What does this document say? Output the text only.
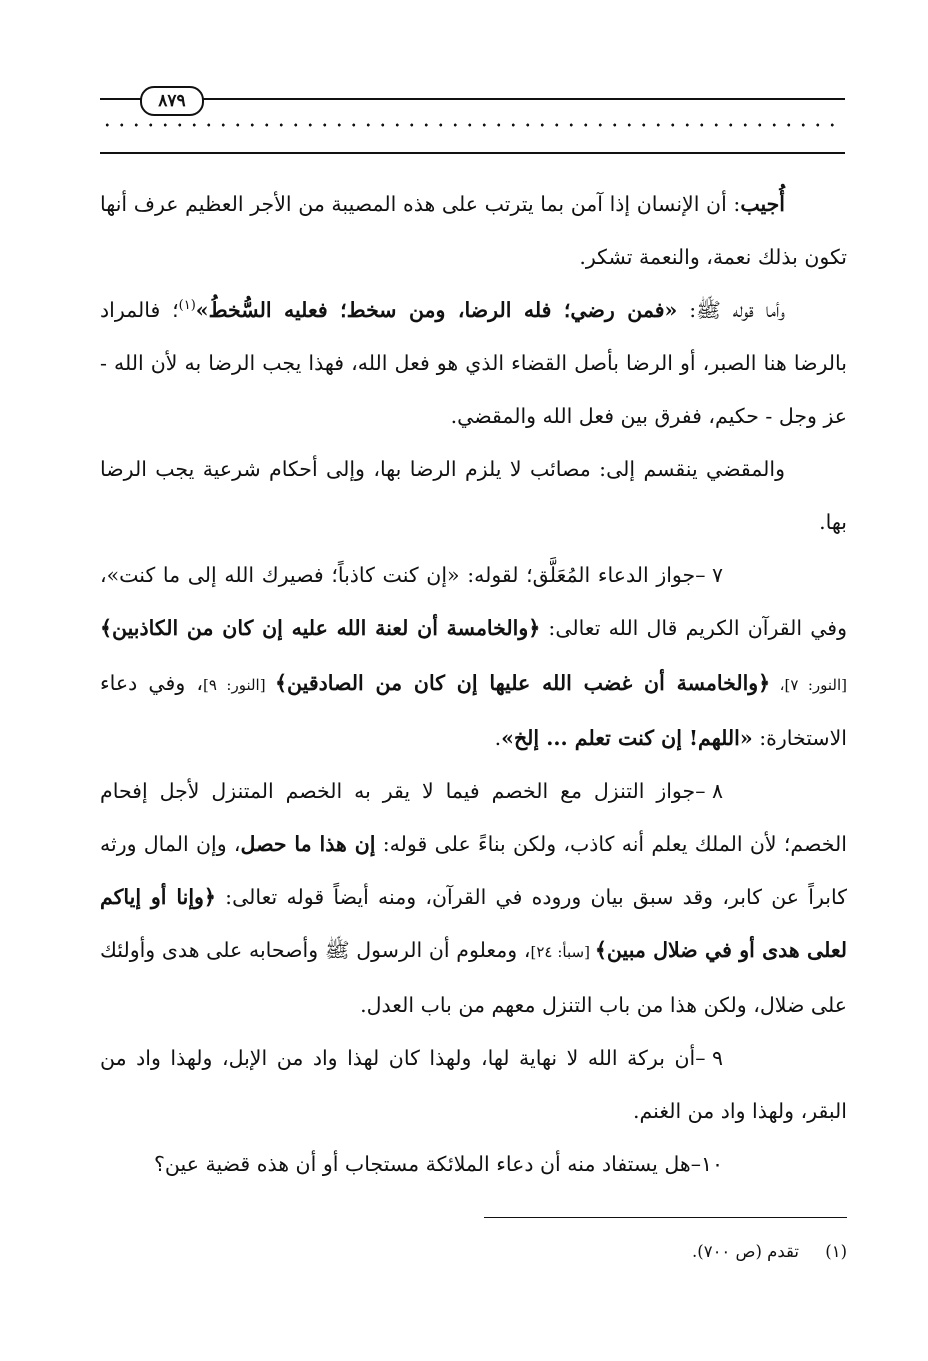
٨٧٩

أُجيب: أن الإنسان إذا آمن بما يترتب على هذه المصيبة من الأجر العظيم عرف أنها تكون بذلك نعمة، والنعمة تشكر.

وأما قوله ﷺ: «فمن رضي؛ فله الرضا، ومن سخط؛ فعليه السُّخطُ»$^{(١)}$؛ فالمراد بالرضا هنا الصبر، أو الرضا بأصل القضاء الذي هو فعل الله، فهذا يجب الرضا به لأن الله - عز وجل - حكيم، ففرق بين فعل الله والمقضي.

والمقضي ينقسم إلى: مصائب لا يلزم الرضا بها، وإلى أحكام شرعية يجب الرضا بها.

٧ –جواز الدعاء المُعَلَّق؛ لقوله: «إن كنت كاذباً؛ فصيرك الله إلى ما كنت»، وفي القرآن الكريم قال الله تعالى: ﴿والخامسة أن لعنة الله عليه إن كان من الكاذبين﴾ [النور: ٧]، ﴿والخامسة أن غضب الله عليها إن كان من الصادقين﴾ [النور: ٩]، وفي دعاء الاستخارة: «اللهم! إن كنت تعلم ... إلخ».

٨ –جواز التنزل مع الخصم فيما لا يقر به الخصم المتنزل لأجل إفحام الخصم؛ لأن الملك يعلم أنه كاذب، ولكن بناءً على قوله: إن هذا ما حصل، وإن المال ورثه كابراً عن كابر، وقد سبق بيان وروده في القرآن، ومنه أيضاً قوله تعالى: ﴿وإنا أو إياكم لعلى هدى أو في ضلال مبين﴾ [سبأ: ٢٤]، ومعلوم أن الرسول ﷺ وأصحابه على هدى وأولئك على ضلال، ولكن هذا من باب التنزل معهم من باب العدل.

٩ –أن بركة الله لا نهاية لها، ولهذا كان لهذا واد من الإبل، ولهذا واد من البقر، ولهذا واد من الغنم.

١٠–هل يستفاد منه أن دعاء الملائكة مستجاب أو أن هذه قضية عين؟

(١)تقدم (ص ٧٠٠).
